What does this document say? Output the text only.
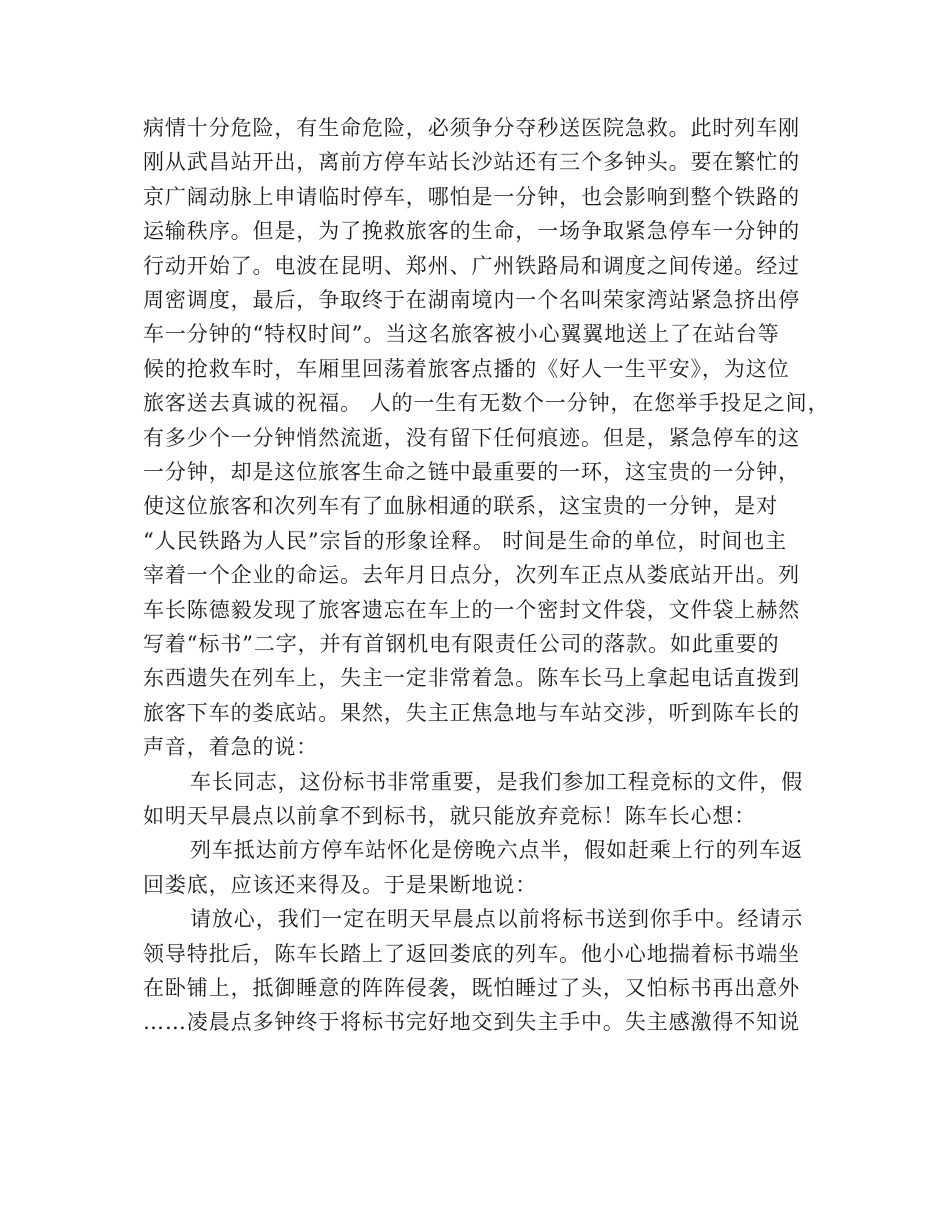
病情十分危险，有生命危险，必须争分夺秒送医院急救。此时列车刚
刚从武昌站开出，离前方停车站长沙站还有三个多钟头。要在繁忙的
京广阔动脉上申请临时停车，哪怕是一分钟，也会影响到整个铁路的
运输秩序。但是，为了挽救旅客的生命，一场争取紧急停车一分钟的
行动开始了。电波在昆明、郑州、广州铁路局和调度之间传递。经过
周密调度，最后，争取终于在湖南境内一个名叫荣家湾站紧急挤出停
车一分钟的“特权时间”。当这名旅客被小心翼翼地送上了在站台等
候的抢救车时，车厢里回荡着旅客点播的《好人一生平安》，为这位
旅客送去真诚的祝福。 人的一生有无数个一分钟，在您举手投足之间，
有多少个一分钟悄然流逝，没有留下任何痕迹。但是，紧急停车的这
一分钟，却是这位旅客生命之链中最重要的一环，这宝贵的一分钟，
使这位旅客和次列车有了血脉相通的联系，这宝贵的一分钟，是对
“人民铁路为人民”宗旨的形象诠释。 时间是生命的单位，时间也主
宰着一个企业的命运。去年月日点分，次列车正点从娄底站开出。列
车长陈德毅发现了旅客遗忘在车上的一个密封文件袋，文件袋上赫然
写着“标书”二字，并有首钢机电有限责任公司的落款。如此重要的
东西遗失在列车上，失主一定非常着急。陈车长马上拿起电话直拨到
旅客下车的娄底站。果然，失主正焦急地与车站交涉，听到陈车长的
声音，着急的说：
车长同志，这份标书非常重要，是我们参加工程竞标的文件，假
如明天早晨点以前拿不到标书，就只能放弃竞标！陈车长心想：
列车抵达前方停车站怀化是傍晚六点半，假如赶乘上行的列车返
回娄底，应该还来得及。于是果断地说：
请放心，我们一定在明天早晨点以前将标书送到你手中。经请示
领导特批后，陈车长踏上了返回娄底的列车。他小心地揣着标书端坐
在卧铺上，抵御睡意的阵阵侵袭，既怕睡过了头，又怕标书再出意外
……凌晨点多钟终于将标书完好地交到失主手中。失主感激得不知说
